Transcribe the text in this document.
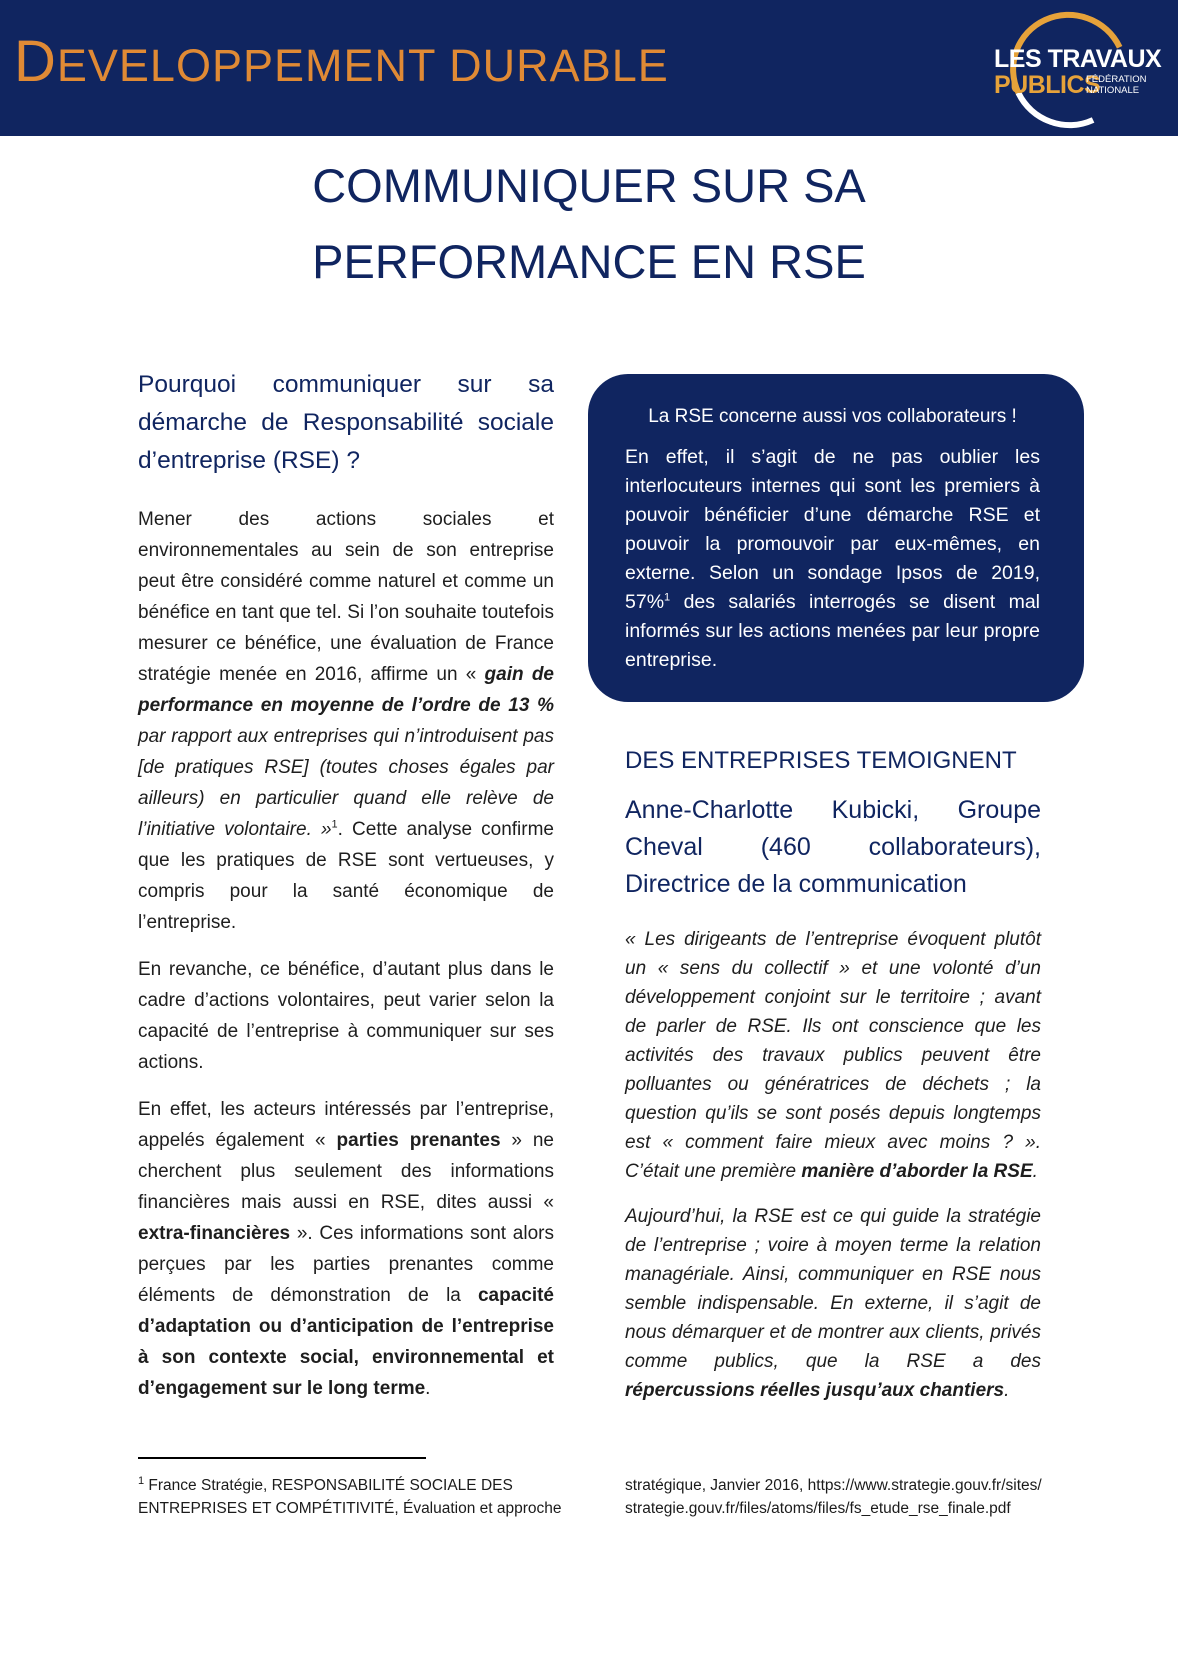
DEVELOPPEMENT DURABLE	LES TRAVAUX
PUBLICS
FÉDÉRATION
NATIONALE
COMMUNIQUER SUR SA
PERFORMANCE EN RSE
Pourquoi communiquer sur sa
démarche de Responsabilité sociale
d’entreprise (RSE) ?

Mener des actions sociales et environnementales au sein de son entreprise peut être considéré comme naturel et comme un bénéfice en tant que tel. Si l’on souhaite toutefois mesurer ce bénéfice, une évaluation de France stratégie menée en 2016, affirme un « gain de performance en moyenne de l’ordre de 13 % par rapport aux entreprises qui n’introduisent pas [de pratiques RSE] (toutes choses égales par ailleurs) en particulier quand elle relève de l’initiative volontaire. »$^1$. Cette analyse confirme que les pratiques de RSE sont vertueuses, y compris pour la santé économique de l’entreprise.

En revanche, ce bénéfice, d’autant plus dans le cadre d’actions volontaires, peut varier selon la capacité de l’entreprise à communiquer sur ses actions.

En effet, les acteurs intéressés par l’entreprise, appelés également « parties prenantes » ne cherchent plus seulement des informations financières mais aussi en RSE, dites aussi « extra-financières ». Ces informations sont alors perçues par les parties prenantes comme éléments de démonstration de la capacité d’adaptation ou d’anticipation de l’entreprise à son contexte social, environnemental et d’engagement sur le long terme.

La RSE concerne aussi vos collaborateurs !
En effet, il s’agit de ne pas oublier les interlocuteurs internes qui sont les premiers à pouvoir bénéficier d’une démarche RSE et pouvoir la promouvoir par eux-mêmes, en externe. Selon un sondage Ipsos de 2019, 57%$^1$ des salariés interrogés se disent mal informés sur les actions menées par leur propre entreprise.
DES ENTREPRISES TEMOIGNENT
Anne-Charlotte Kubicki, Groupe
Cheval (460 collaborateurs),
Directrice de la communication

« Les dirigeants de l’entreprise évoquent plutôt un « sens du collectif » et une volonté d’un développement conjoint sur le territoire ; avant de parler de RSE. Ils ont conscience que les activités des travaux publics peuvent être polluantes ou génératrices de déchets ; la question qu’ils se sont posés depuis longtemps est « comment faire mieux avec moins ? ». C’était une première manière d’aborder la RSE.

Aujourd’hui, la RSE est ce qui guide la stratégie de l’entreprise ; voire à moyen terme la relation managériale. Ainsi, communiquer en RSE nous semble indispensable. En externe, il s’agit de nous démarquer et de montrer aux clients, privés comme publics, que la RSE a des répercussions réelles jusqu’aux chantiers.

$^1$ France Stratégie, RESPONSABILITÉ SOCIALE DES ENTREPRISES ET COMPÉTITIVITÉ, Évaluation et approche
stratégique, Janvier 2016, https://www.strategie.gouv.fr/sites/strategie.gouv.fr/files/atoms/files/fs_etude_rse_finale.pdf
